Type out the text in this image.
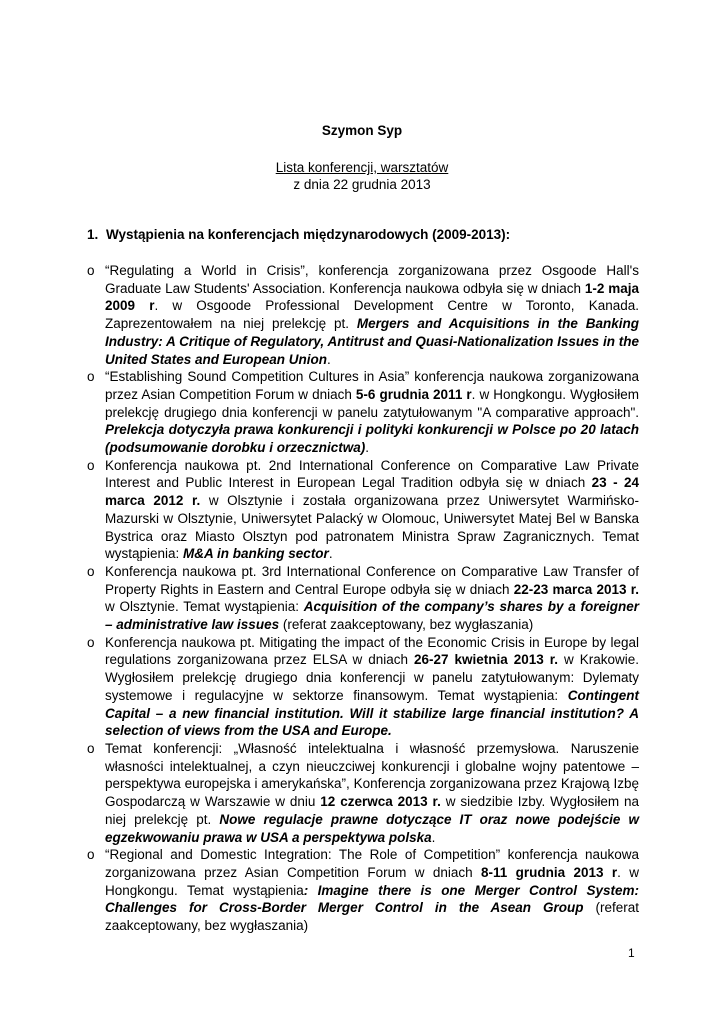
Szymon Syp
Lista konferencji, warsztatów
z dnia 22 grudnia 2013
1. Wystąpienia na konferencjach międzynarodowych (2009-2013):
o “Regulating a World in Crisis”, konferencja zorganizowana przez Osgoode Hall's Graduate Law Students' Association. Konferencja naukowa odbyła się w dniach 1-2 maja 2009 r. w Osgoode Professional Development Centre w Toronto, Kanada. Zaprezentowałem na niej prelekcję pt. Mergers and Acquisitions in the Banking Industry: A Critique of Regulatory, Antitrust and Quasi-Nationalization Issues in the United States and European Union.
o “Establishing Sound Competition Cultures in Asia” konferencja naukowa zorganizowana przez Asian Competition Forum w dniach 5-6 grudnia 2011 r. w Hongkongu. Wygłosiłem prelekcję drugiego dnia konferencji w panelu zatytułowanym "A comparative approach". Prelekcja dotyczyła prawa konkurencji i polityki konkurencji w Polsce po 20 latach (podsumowanie dorobku i orzecznictwa).
o Konferencja naukowa pt. 2nd International Conference on Comparative Law Private Interest and Public Interest in European Legal Tradition odbyła się w dniach 23 - 24 marca 2012 r. w Olsztynie i została organizowana przez Uniwersytet Warmińsko-Mazurski w Olsztynie, Uniwersytet Palacký w Olomouc, Uniwersytet Matej Bel w Banska Bystrica oraz Miasto Olsztyn pod patronatem Ministra Spraw Zagranicznych. Temat wystąpienia: M&A in banking sector.
o Konferencja naukowa pt. 3rd International Conference on Comparative Law Transfer of Property Rights in Eastern and Central Europe odbyła się w dniach 22-23 marca 2013 r. w Olsztynie. Temat wystąpienia: Acquisition of the company’s shares by a foreigner – administrative law issues (referat zaakceptowany, bez wygłaszania)
o Konferencja naukowa pt. Mitigating the impact of the Economic Crisis in Europe by legal regulations zorganizowana przez ELSA w dniach 26-27 kwietnia 2013 r. w Krakowie. Wygłosiłem prelekcję drugiego dnia konferencji w panelu zatytułowanym: Dylematy systemowe i regulacyjne w sektorze finansowym. Temat wystąpienia: Contingent Capital – a new financial institution. Will it stabilize large financial institution? A selection of views from the USA and Europe.
o Temat konferencji: „Własność intelektualna i własność przemysłowa. Naruszenie własności intelektualnej, a czyn nieuczciwej konkurencji i globalne wojny patentowe – perspektywa europejska i amerykańska”, Konferencja zorganizowana przez Krajową Izbę Gospodarczą w Warszawie w dniu 12 czerwca 2013 r. w siedzibie Izby. Wygłosiłem na niej prelekcję pt. Nowe regulacje prawne dotyczące IT oraz nowe podejście w egzekwowaniu prawa w USA a perspektywa polska.
o “Regional and Domestic Integration: The Role of Competition” konferencja naukowa zorganizowana przez Asian Competition Forum w dniach 8-11 grudnia 2013 r. w Hongkongu. Temat wystąpienia: Imagine there is one Merger Control System: Challenges for Cross-Border Merger Control in the Asean Group (referat zaakceptowany, bez wygłaszania)
1
